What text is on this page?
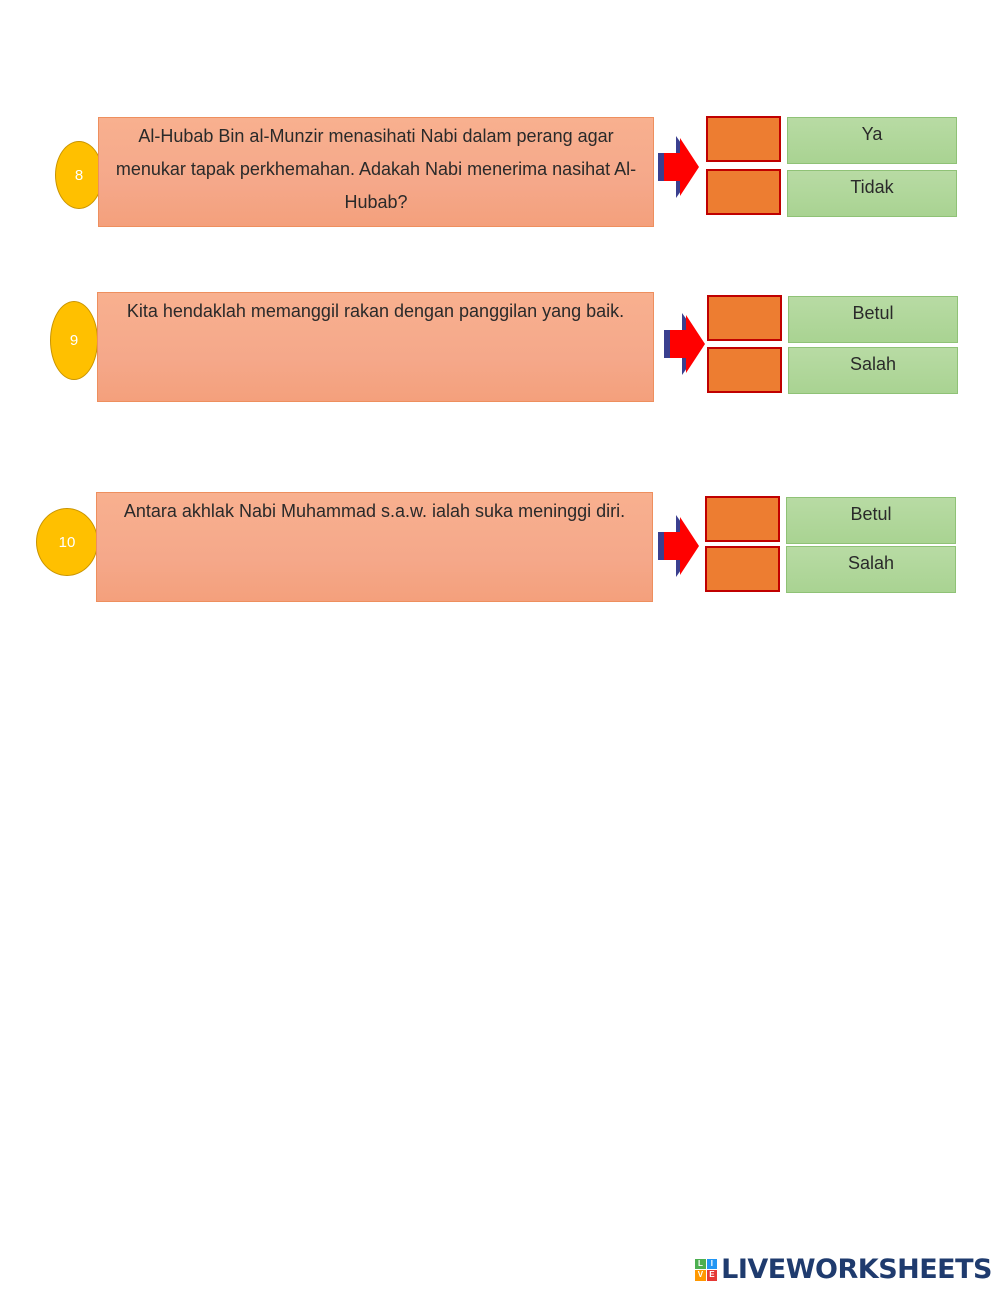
8
Al-Hubab Bin al-Munzir menasihati Nabi dalam perang agar menukar tapak perkhemahan. Adakah Nabi menerima nasihat Al-Hubab?
Ya
Tidak
9
Kita hendaklah memanggil rakan dengan panggilan yang baik.	Betul
Salah
10
Antara akhlak Nabi Muhammad s.a.w. ialah suka meninggi diri.	Betul
Salah
L I
V E LIVEWORKSHEETS
